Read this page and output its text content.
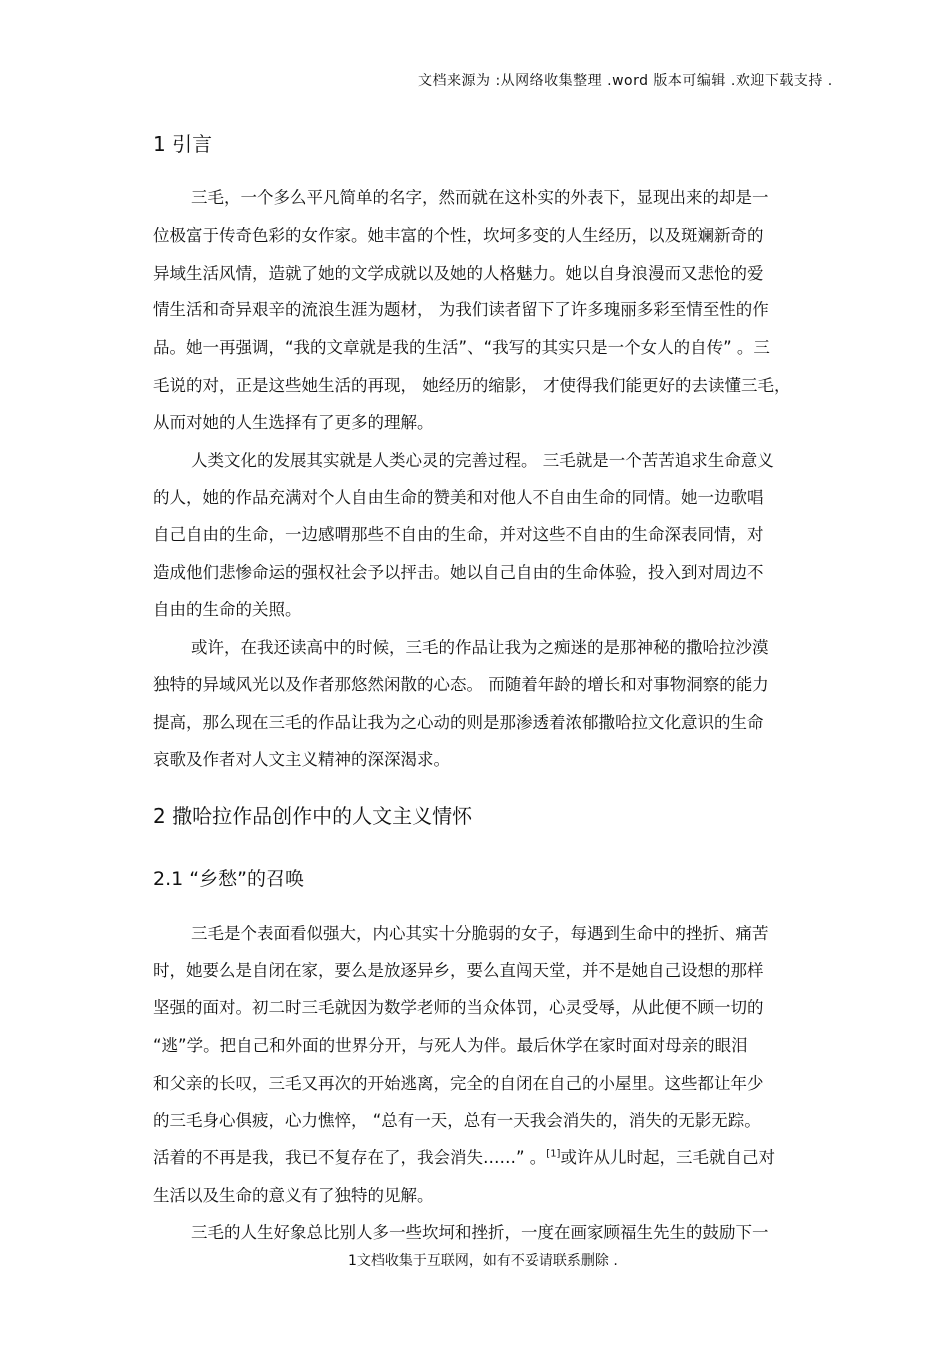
文档来源为 :从网络收集整理 .word 版本可编辑 .欢迎下载支持 .
1 引言
三毛，一个多么平凡简单的名字，然而就在这朴实的外表下，显现出来的却是一
位极富于传奇色彩的女作家。她丰富的个性，坎坷多变的人生经历，以及斑斓新奇的
异域生活风情，造就了她的文学成就以及她的人格魅力。她以自身浪漫而又悲怆的爱
情生活和奇异艰辛的流浪生涯为题材， 为我们读者留下了许多瑰丽多彩至情至性的作
品。她一再强调，“我的文章就是我的生活”、“我写的其实只是一个女人的自传” 。三
毛说的对，正是这些她生活的再现， 她经历的缩影， 才使得我们能更好的去读懂三毛，
从而对她的人生选择有了更多的理解。
人类文化的发展其实就是人类心灵的完善过程。 三毛就是一个苦苦追求生命意义
的人，她的作品充满对个人自由生命的赞美和对他人不自由生命的同情。她一边歌唱
自己自由的生命，一边感喟那些不自由的生命，并对这些不自由的生命深表同情，对
造成他们悲惨命运的强权社会予以抨击。她以自己自由的生命体验，投入到对周边不
自由的生命的关照。
或许，在我还读高中的时候，三毛的作品让我为之痴迷的是那神秘的撒哈拉沙漠
独特的异域风光以及作者那悠然闲散的心态。 而随着年龄的增长和对事物洞察的能力
提高，那么现在三毛的作品让我为之心动的则是那渗透着浓郁撒哈拉文化意识的生命
哀歌及作者对人文主义精神的深深渴求。
2 撒哈拉作品创作中的人文主义情怀
2.1 “乡愁”的召唤
三毛是个表面看似强大，内心其实十分脆弱的女子，每遇到生命中的挫折、痛苦
时，她要么是自闭在家，要么是放逐异乡，要么直闯天堂，并不是她自己设想的那样
坚强的面对。初二时三毛就因为数学老师的当众体罚，心灵受辱，从此便不顾一切的
“逃”学。把自己和外面的世界分开，与死人为伴。最后休学在家时面对母亲的眼泪
和父亲的长叹，三毛又再次的开始逃离，完全的自闭在自己的小屋里。这些都让年少
的三毛身心俱疲，心力憔悴， “总有一天，总有一天我会消失的，消失的无影无踪。
活着的不再是我，我已不复存在了，我会消失……” 。[1]或许从儿时起，三毛就自己对
生活以及生命的意义有了独特的见解。
三毛的人生好象总比别人多一些坎坷和挫折，一度在画家顾福生先生的鼓励下一
1文档收集于互联网，如有不妥请联系删除 .
